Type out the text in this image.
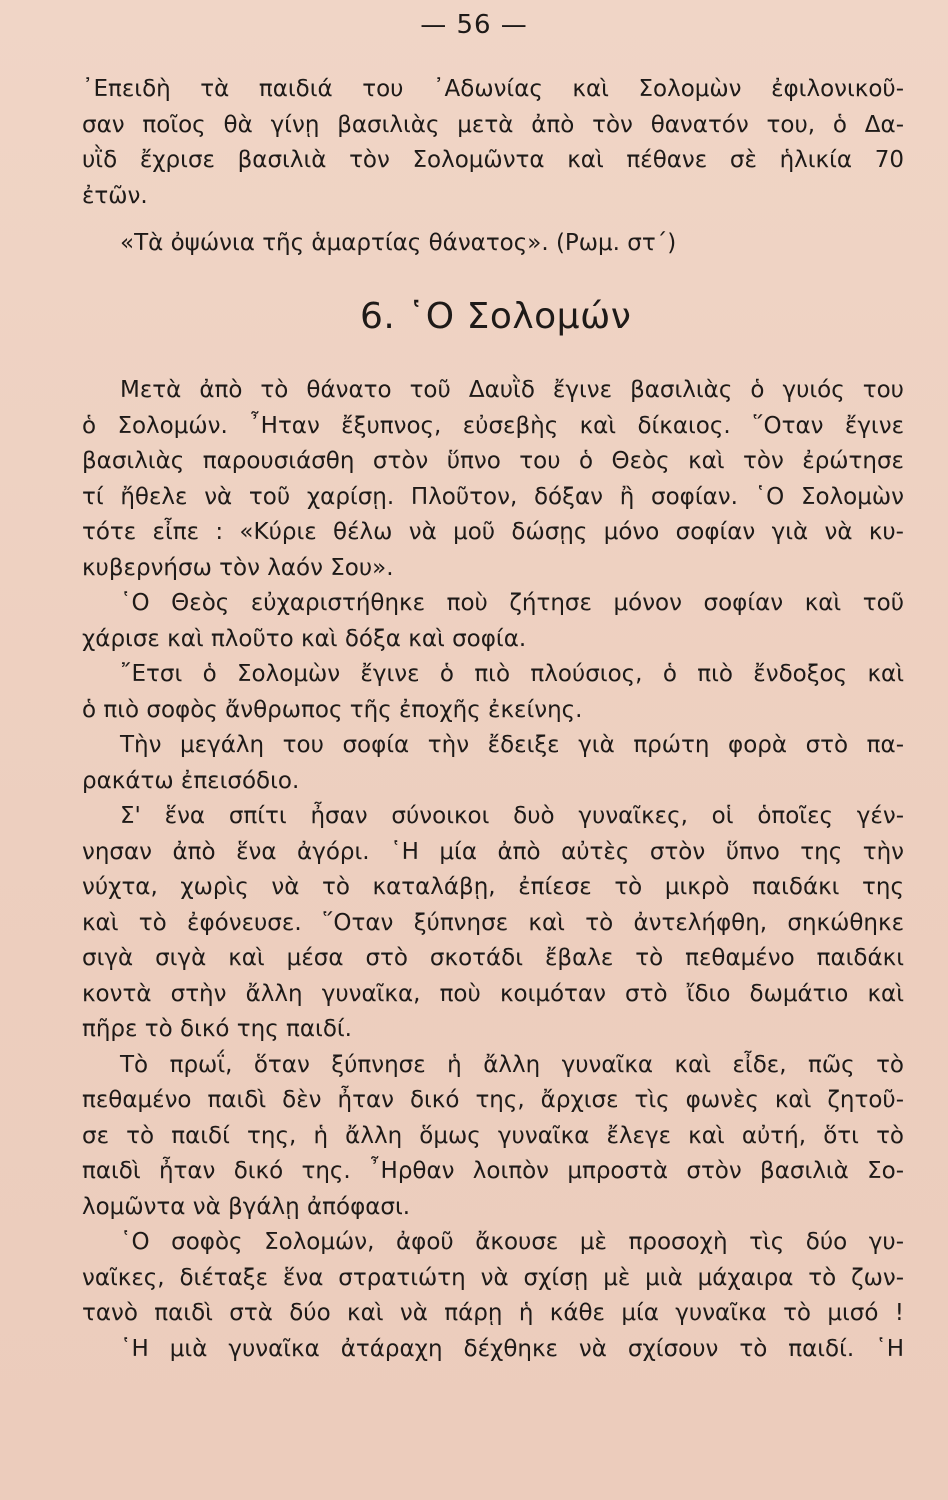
— 56 —
᾿Επειδὴ τὰ παιδιά του ᾿Αδωνίας καὶ Σολομὼν ἐφιλονικοῦ-
σαν ποῖος θὰ γίνῃ βασιλιὰς μετὰ ἀπὸ τὸν θανατόν του, ὁ Δα-
υῒδ ἔχρισε βασιλιὰ τὸν Σολομῶντα καὶ πέθανε σὲ ἡλικία 70
ἐτῶν.
«Τὰ ὀψώνια τῆς ἁμαρτίας θάνατος». (Ρωμ. στ΄)
6. ῾Ο Σολομών
Μετὰ ἀπὸ τὸ θάνατο τοῦ Δαυῒδ ἔγινε βασιλιὰς ὁ γυιός του
ὁ Σολομών. ῏Ηταν ἔξυπνος, εὐσεβὴς καὶ δίκαιος. ῞Οταν ἔγινε
βασιλιὰς παρουσιάσθη στὸν ὕπνο του ὁ Θεὸς καὶ τὸν ἐρώτησε
τί ἤθελε νὰ τοῦ χαρίσῃ. Πλοῦτον, δόξαν ἢ σοφίαν. ῾Ο Σολομὼν
τότε εἶπε : «Κύριε θέλω νὰ μοῦ δώσῃς μόνο σοφίαν γιὰ νὰ κυ-
κυβερνήσω τὸν λαόν Σου».
῾Ο Θεὸς εὐχαριστήθηκε ποὺ ζήτησε μόνον σοφίαν καὶ τοῦ
χάρισε καὶ πλοῦτο καὶ δόξα καὶ σοφία.
῎Ετσι ὁ Σολομὼν ἔγινε ὁ πιὸ πλούσιος, ὁ πιὸ ἔνδοξος καὶ
ὁ πιὸ σοφὸς ἄνθρωπος τῆς ἐποχῆς ἐκείνης.
Τὴν μεγάλη του σοφία τὴν ἔδειξε γιὰ πρώτη φορὰ στὸ πα-
ρακάτω ἐπεισόδιο.
Σ' ἕνα σπίτι ἦσαν σύνοικοι δυὸ γυναῖκες, οἱ ὁποῖες γέν-
νησαν ἀπὸ ἕνα ἀγόρι. ῾Η μία ἀπὸ αὐτὲς στὸν ὕπνο της τὴν
νύχτα, χωρὶς νὰ τὸ καταλάβῃ, ἐπίεσε τὸ μικρὸ παιδάκι της
καὶ τὸ ἐφόνευσε. ῞Οταν ξύπνησε καὶ τὸ ἀντελήφθη, σηκώθηκε
σιγὰ σιγὰ καὶ μέσα στὸ σκοτάδι ἔβαλε τὸ πεθαμένο παιδάκι
κοντὰ στὴν ἄλλη γυναῖκα, ποὺ κοιμόταν στὸ ἴδιο δωμάτιο καὶ
πῆρε τὸ δικό της παιδί.
Τὸ πρωΐ, ὅταν ξύπνησε ἡ ἄλλη γυναῖκα καὶ εἶδε, πῶς τὸ
πεθαμένο παιδὶ δὲν ἦταν δικό της, ἄρχισε τὶς φωνὲς καὶ ζητοῦ-
σε τὸ παιδί της, ἡ ἄλλη ὅμως γυναῖκα ἔλεγε καὶ αὐτή, ὅτι τὸ
παιδὶ ἦταν δικό της. ῏Ηρθαν λοιπὸν μπροστὰ στὸν βασιλιὰ Σο-
λομῶντα νὰ βγάλῃ ἀπόφασι.
῾Ο σοφὸς Σολομών, ἀφοῦ ἄκουσε μὲ προσοχὴ τὶς δύο γυ-
ναῖκες, διέταξε ἕνα στρατιώτη νὰ σχίσῃ μὲ μιὰ μάχαιρα τὸ ζων-
τανὸ παιδὶ στὰ δύο καὶ νὰ πάρῃ ἡ κάθε μία γυναῖκα τὸ μισό !
῾Η μιὰ γυναῖκα ἀτάραχη δέχθηκε νὰ σχίσουν τὸ παιδί. ῾Η
